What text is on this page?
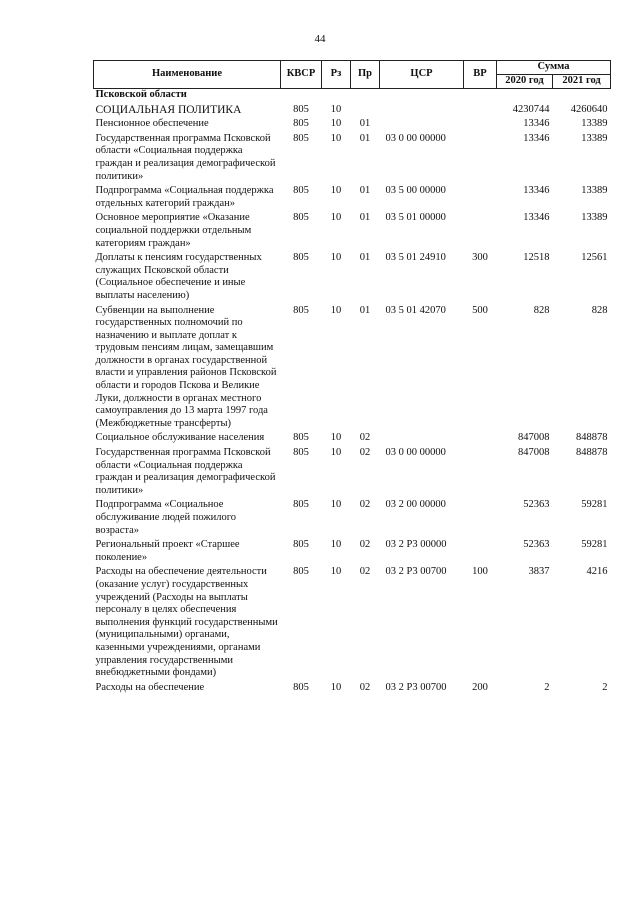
44
Наименование	КВСР	Рз	Пр	ЦСР	ВР	Сумма	
						2020 год	2021 год
Псковской области							
СОЦИАЛЬНАЯ ПОЛИТИКА	805	10				4230744	4260640
Пенсионное обеспечение	805	10	01			13346	13389
Государственная программа Псковской области «Социальная поддержка граждан и реализация демографической политики»	805	10	01	03 0 00 00000		13346	13389
Подпрограмма «Социальная поддержка отдельных категорий граждан»	805	10	01	03 5 00 00000		13346	13389
Основное мероприятие «Оказание социальной поддержки отдельным категориям граждан»	805	10	01	03 5 01 00000		13346	13389
Доплаты к пенсиям государственных служащих Псковской области (Социальное обеспечение и иные выплаты населению)	805	10	01	03 5 01 24910	300	12518	12561
Субвенции на выполнение государственных полномочий по назначению и выплате доплат к трудовым пенсиям лицам, замещавшим должности в органах государственной власти и управления районов Псковской области и городов Пскова и Великие Луки, должности в органах местного самоуправления до 13 марта 1997 года (Межбюджетные трансферты)	805	10	01	03 5 01 42070	500	828	828
Социальное обслуживание населения	805	10	02			847008	848878
Государственная программа Псковской области «Социальная поддержка граждан и реализация демографической политики»	805	10	02	03 0 00 00000		847008	848878
Подпрограмма «Социальное обслуживание людей пожилого возраста»	805	10	02	03 2 00 00000		52363	59281
Региональный проект «Старшее поколение»	805	10	02	03 2 P3 00000		52363	59281
Расходы на обеспечение деятельности (оказание услуг) государственных учреждений (Расходы на выплаты персоналу в целях обеспечения выполнения функций государственными (муниципальными) органами, казенными учреждениями, органами управления государственными внебюджетными фондами)	805	10	02	03 2 P3 00700	100	3837	4216
Расходы на обеспечение	805	10	02	03 2 P3 00700	200	2	2
